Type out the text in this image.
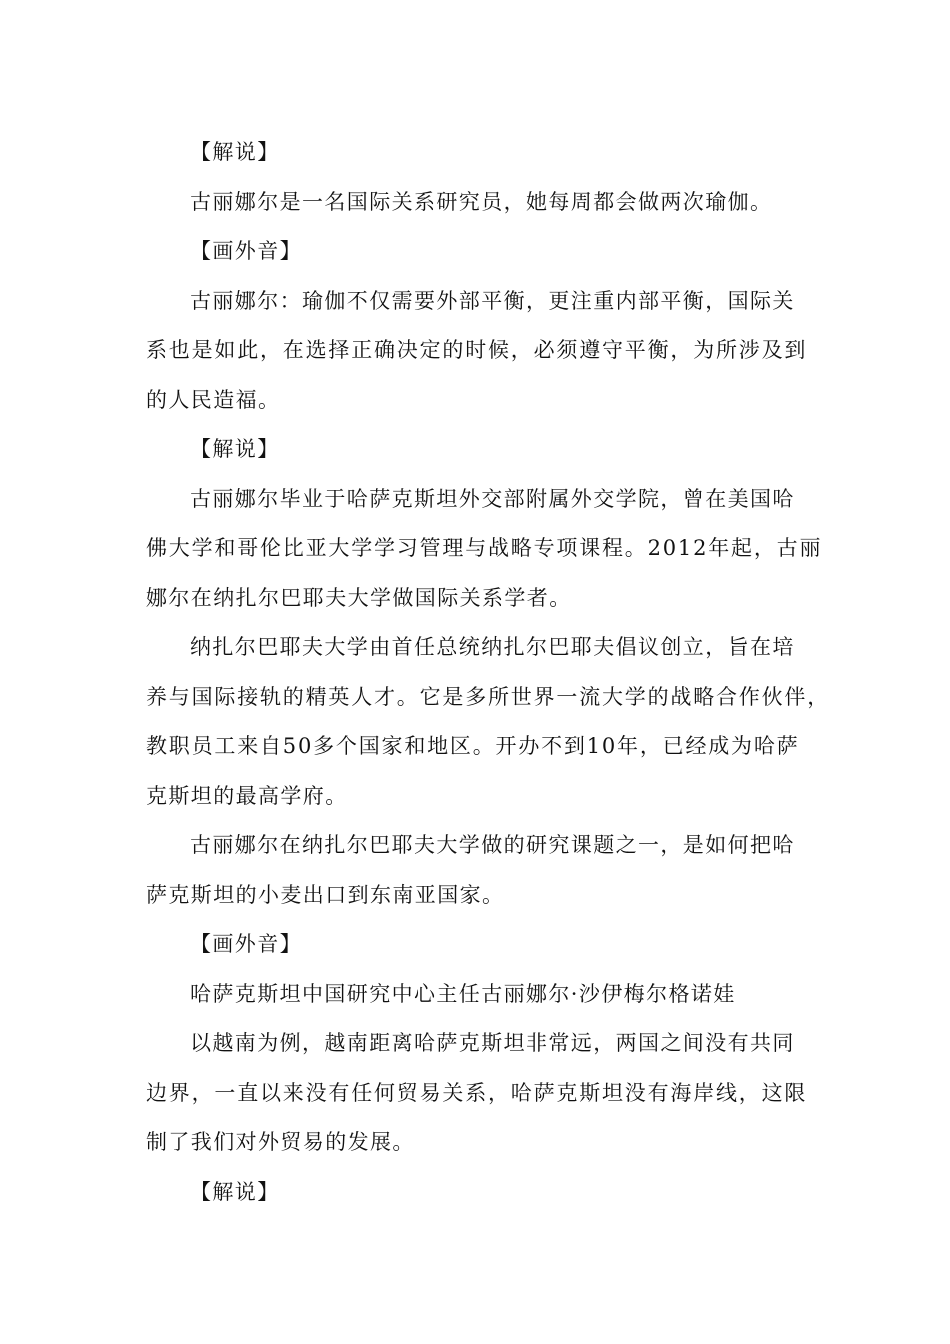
【解说】
古丽娜尔是一名国际关系研究员，她每周都会做两次瑜伽。
【画外音】
古丽娜尔：瑜伽不仅需要外部平衡，更注重内部平衡，国际关
系也是如此，在选择正确决定的时候，必须遵守平衡，为所涉及到
的人民造福。
【解说】
古丽娜尔毕业于哈萨克斯坦外交部附属外交学院，曾在美国哈
佛大学和哥伦比亚大学学习管理与战略专项课程。2012年起，古丽
娜尔在纳扎尔巴耶夫大学做国际关系学者。
纳扎尔巴耶夫大学由首任总统纳扎尔巴耶夫倡议创立，旨在培
养与国际接轨的精英人才。它是多所世界一流大学的战略合作伙伴，
教职员工来自50多个国家和地区。开办不到10年，已经成为哈萨
克斯坦的最高学府。
古丽娜尔在纳扎尔巴耶夫大学做的研究课题之一，是如何把哈
萨克斯坦的小麦出口到东南亚国家。
【画外音】
哈萨克斯坦中国研究中心主任古丽娜尔·沙伊梅尔格诺娃
以越南为例，越南距离哈萨克斯坦非常远，两国之间没有共同
边界，一直以来没有任何贸易关系，哈萨克斯坦没有海岸线，这限
制了我们对外贸易的发展。
【解说】
